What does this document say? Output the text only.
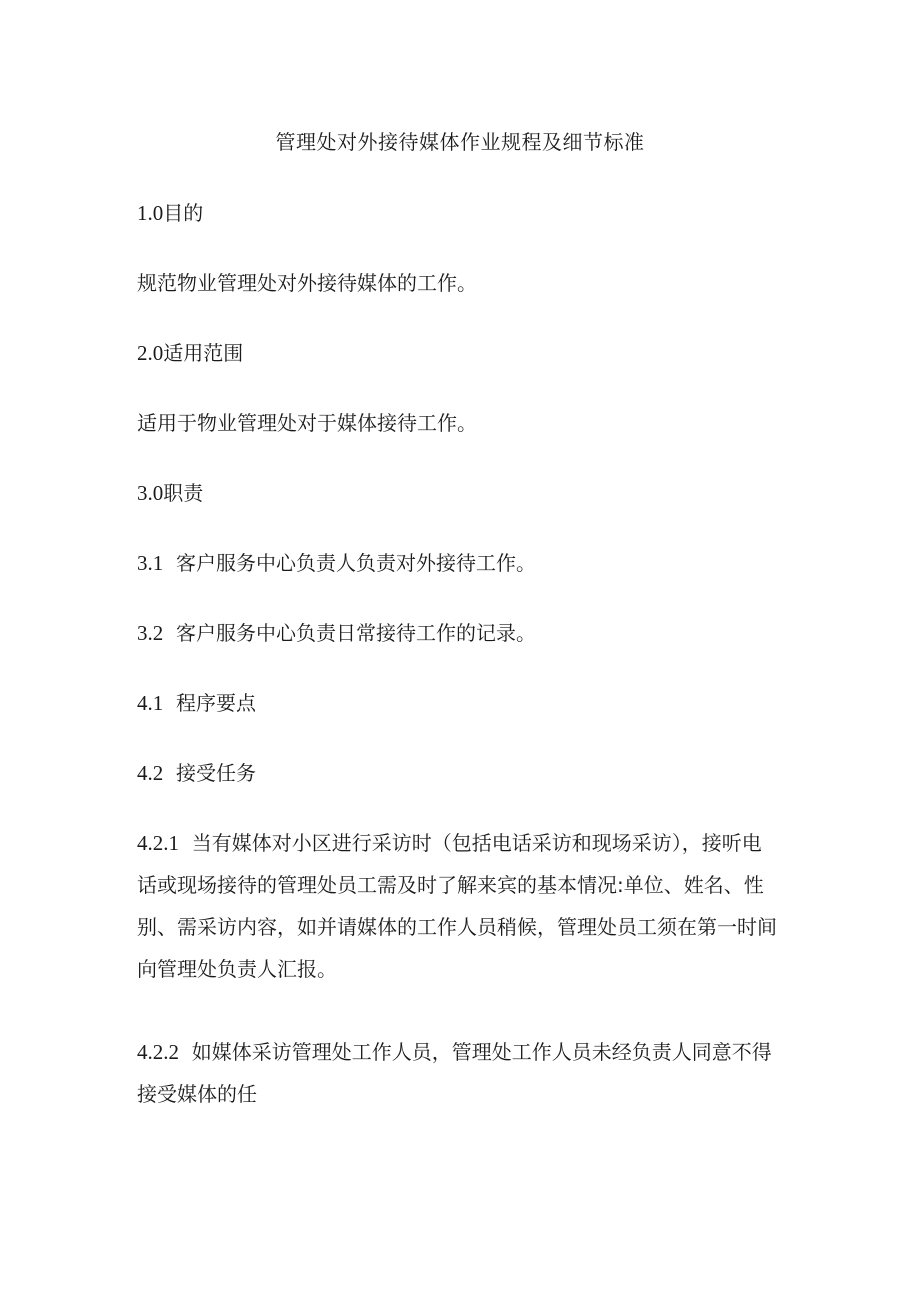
管理处对外接待媒体作业规程及细节标准
1.0目的
规范物业管理处对外接待媒体的工作。
2.0适用范围
适用于物业管理处对于媒体接待工作。
3.0职责
3.1 客户服务中心负责人负责对外接待工作。
3.2 客户服务中心负责日常接待工作的记录。
4.1 程序要点
4.2 接受任务
4.2.1 当有媒体对小区进行采访时（包括电话采访和现场采访），接听电
话或现场接待的管理处员工需及时了解来宾的基本情况:单位、姓名、性
别、需采访内容，如并请媒体的工作人员稍候，管理处员工须在第一时间
向管理处负责人汇报。
4.2.2 如媒体采访管理处工作人员，管理处工作人员未经负责人同意不得
接受媒体的任
